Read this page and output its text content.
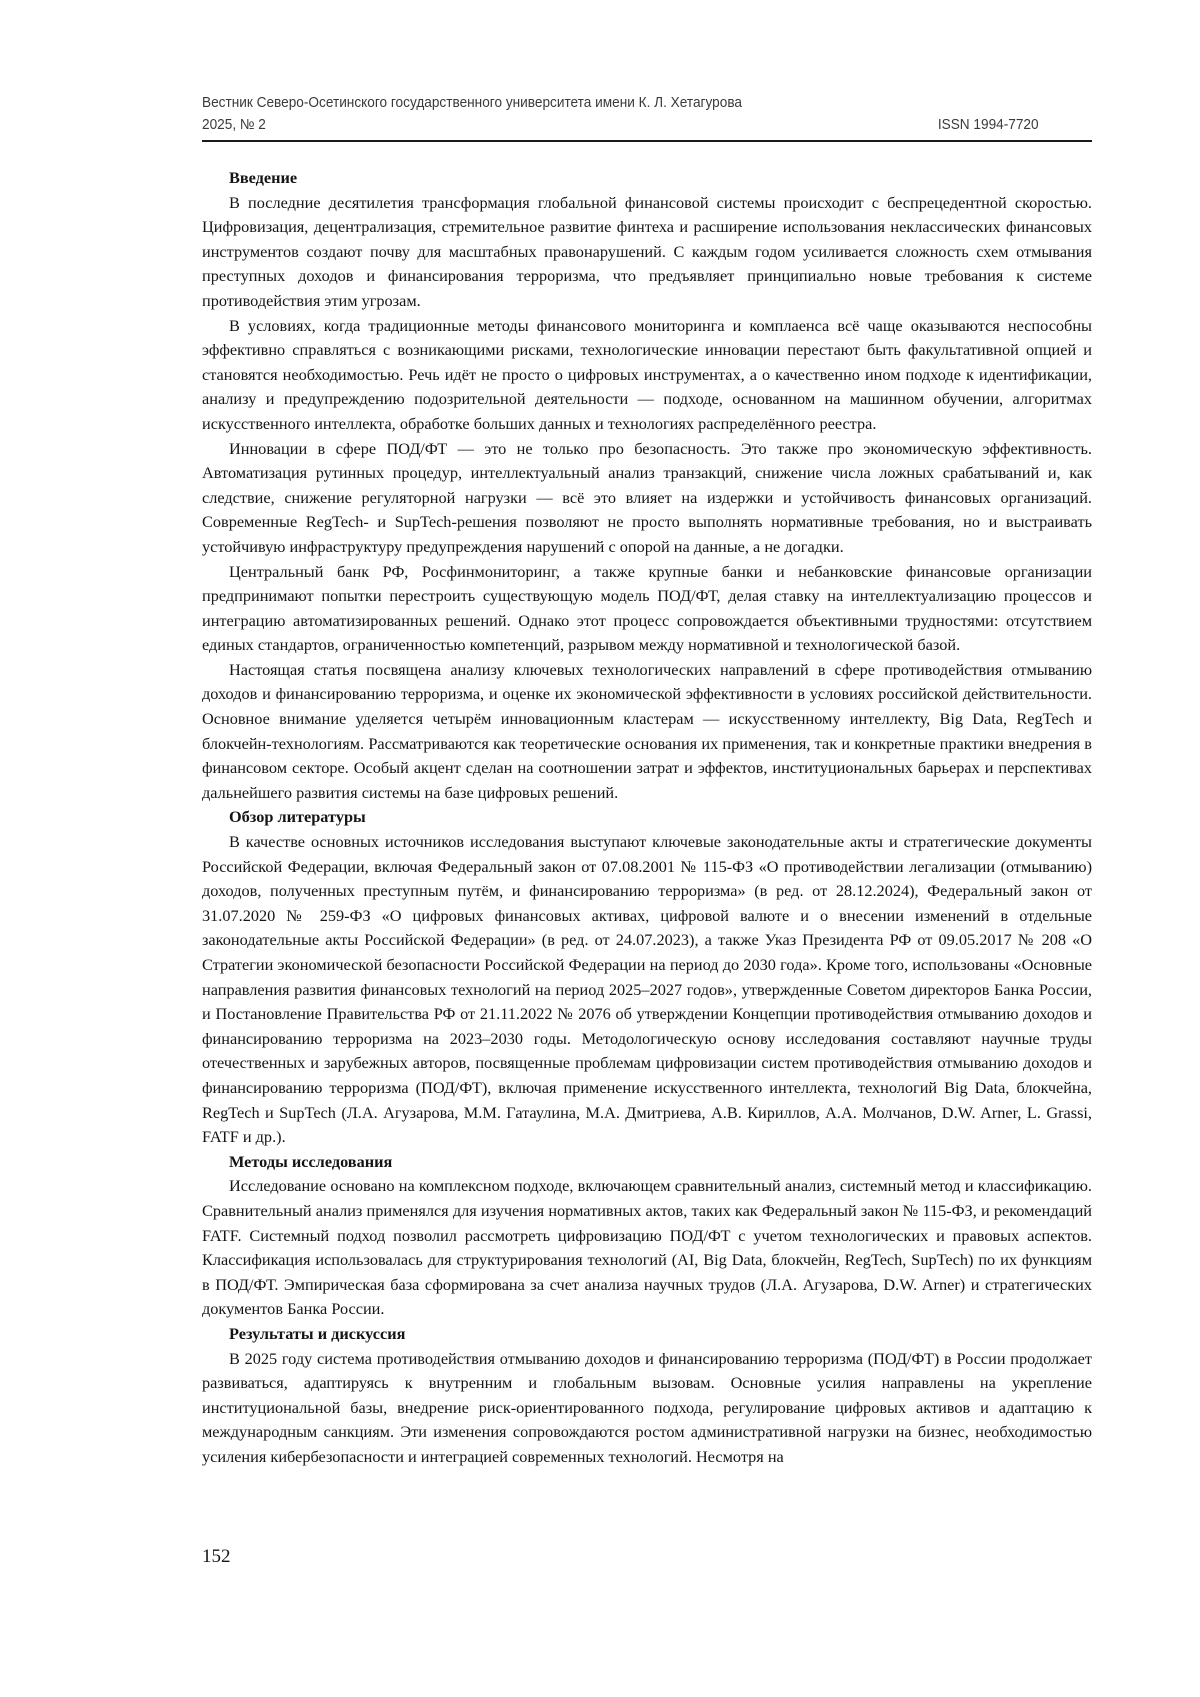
Вестник Северо-Осетинского государственного университета имени К. Л. Хетагурова
2025, № 2	ISSN 1994-7720
Введение

В последние десятилетия трансформация глобальной финансовой системы происходит с беспрецедентной скоростью. Цифровизация, децентрализация, стремительное развитие финтеха и расширение использования неклассических финансовых инструментов создают почву для масштабных правонарушений. С каждым годом усиливается сложность схем отмывания преступных доходов и финансирования терроризма, что предъявляет принципиально новые требования к системе противодействия этим угрозам.

В условиях, когда традиционные методы финансового мониторинга и комплаенса всё чаще оказываются неспособны эффективно справляться с возникающими рисками, технологические инновации перестают быть факультативной опцией и становятся необходимостью. Речь идёт не просто о цифровых инструментах, а о качественно ином подходе к идентификации, анализу и предупреждению подозрительной деятельности — подходе, основанном на машинном обучении, алгоритмах искусственного интеллекта, обработке больших данных и технологиях распределённого реестра.

Инновации в сфере ПОД/ФТ — это не только про безопасность. Это также про экономическую эффективность. Автоматизация рутинных процедур, интеллектуальный анализ транзакций, снижение числа ложных срабатываний и, как следствие, снижение регуляторной нагрузки — всё это влияет на издержки и устойчивость финансовых организаций. Современные RegTech- и SupTech-решения позволяют не просто выполнять нормативные требования, но и выстраивать устойчивую инфраструктуру предупреждения нарушений с опорой на данные, а не догадки.

Центральный банк РФ, Росфинмониторинг, а также крупные банки и небанковские финансовые организации предпринимают попытки перестроить существующую модель ПОД/ФТ, делая ставку на интеллектуализацию процессов и интеграцию автоматизированных решений. Однако этот процесс сопровождается объективными трудностями: отсутствием единых стандартов, ограниченностью компетенций, разрывом между нормативной и технологической базой.

Настоящая статья посвящена анализу ключевых технологических направлений в сфере противодействия отмыванию доходов и финансированию терроризма, и оценке их экономической эффективности в условиях российской действительности. Основное внимание уделяется четырём инновационным кластерам — искусственному интеллекту, Big Data, RegTech и блокчейн-технологиям. Рассматриваются как теоретические основания их применения, так и конкретные практики внедрения в финансовом секторе. Особый акцент сделан на соотношении затрат и эффектов, институциональных барьерах и перспективах дальнейшего развития системы на базе цифровых решений.

Обзор литературы

В качестве основных источников исследования выступают ключевые законодательные акты и стратегические документы Российской Федерации, включая Федеральный закон от 07.08.2001 № 115-ФЗ «О противодействии легализации (отмыванию) доходов, полученных преступным путём, и финансированию терроризма» (в ред. от 28.12.2024), Федеральный закон от 31.07.2020 № 259-ФЗ «О цифровых финансовых активах, цифровой валюте и о внесении изменений в отдельные законодательные акты Российской Федерации» (в ред. от 24.07.2023), а также Указ Президента РФ от 09.05.2017 № 208 «О Стратегии экономической безопасности Российской Федерации на период до 2030 года». Кроме того, использованы «Основные направления развития финансовых технологий на период 2025–2027 годов», утвержденные Советом директоров Банка России, и Постановление Правительства РФ от 21.11.2022 № 2076 об утверждении Концепции противодействия отмыванию доходов и финансированию терроризма на 2023–2030 годы. Методологическую основу исследования составляют научные труды отечественных и зарубежных авторов, посвященные проблемам цифровизации систем противодействия отмыванию доходов и финансированию терроризма (ПОД/ФТ), включая применение искусственного интеллекта, технологий Big Data, блокчейна, RegTech и SupTech (Л.А. Агузарова, М.М. Гатаулина, М.А. Дмитриева, А.В. Кириллов, А.А. Молчанов, D.W. Arner, L. Grassi, FATF и др.).

Методы исследования

Исследование основано на комплексном подходе, включающем сравнительный анализ, системный метод и классификацию. Сравнительный анализ применялся для изучения нормативных актов, таких как Федеральный закон № 115-ФЗ, и рекомендаций FATF. Системный подход позволил рассмотреть цифровизацию ПОД/ФТ с учетом технологических и правовых аспектов. Классификация использовалась для структурирования технологий (AI, Big Data, блокчейн, RegTech, SupTech) по их функциям в ПОД/ФТ. Эмпирическая база сформирована за счет анализа научных трудов (Л.А. Агузарова, D.W. Arner) и стратегических документов Банка России.

Результаты и дискуссия

В 2025 году система противодействия отмыванию доходов и финансированию терроризма (ПОД/ФТ) в России продолжает развиваться, адаптируясь к внутренним и глобальным вызовам. Основные усилия направлены на укрепление институциональной базы, внедрение риск-ориентированного подхода, регулирование цифровых активов и адаптацию к международным санкциям. Эти изменения сопровождаются ростом административной нагрузки на бизнес, необходимостью усиления кибербезопасности и интеграцией современных технологий. Несмотря на

152
